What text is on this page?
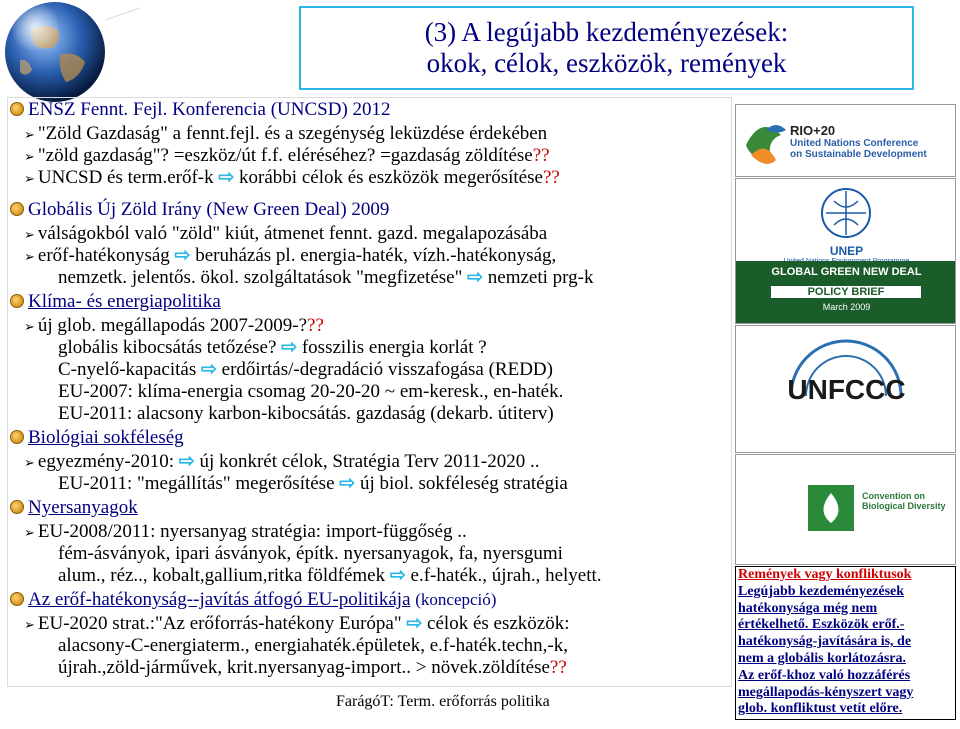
(3) A legújabb kezdeményezések:
okok, célok, eszközök, remények
ENSZ Fennt. Fejl. Konferencia (UNCSD) 2012
➢ "Zöld Gazdaság" a fennt.fejl. és a szegénység leküzdése érdekében
➢ "zöld gazdaság"? =eszköz/út f.f. eléréséhez? =gazdaság zöldítése??
➢ UNCSD és term.erőf-k ⇨ korábbi célok és eszközök megerősítése??
Globális Új Zöld Irány (New Green Deal) 2009
➢ válságokból való "zöld" kiút, átmenet fennt. gazd. megalapozásába
➢ erőf-hatékonyság ⇨ beruházás pl. energia-haték, vízh.-hatékonyság,
nemzetk. jelentős. ökol. szolgáltatások "megfizetése" ⇨ nemzeti prg-k
Klíma- és energiapolitika
➢ új glob. megállapodás 2007-2009-???
globális kibocsátás tetőzése? ⇨ fosszilis energia korlát ?
C-nyelő-kapacitás ⇨ erdőirtás/-degradáció visszafogása (REDD)
EU-2007: klíma-energia csomag 20-20-20 ~ em-keresk., en-haték.
EU-2011: alacsony karbon-kibocsátás. gazdaság (dekarb. útiterv)
Biológiai sokféleség
➢ egyezmény-2010: ⇨ új konkrét célok, Stratégia Terv 2011-2020 ..
EU-2011: "megállítás" megerősítése ⇨ új biol. sokféleség stratégia
Nyersanyagok
➢ EU-2008/2011: nyersanyag stratégia: import-függőség ..
fém-ásványok, ipari ásványok, építk. nyersanyagok, fa, nyersgumi
alum., réz.., kobalt,gallium,ritka földfémek ⇨ e.f-haték., újrah., helyett.
Az erőf-hatékonyság--javítás átfogó EU-politikája (koncepció)
➢ EU-2020 strat.:"Az erőforrás-hatékony Európa" ⇨ célok és eszközök:
alacsony-C-energiaterm., energiahaték.épületek, e.f-haték.techn,-k,
újrah.,zöld-járművek, krit.nyersanyag-import.. > növek.zöldítése??
RIO+20
United Nations Conference
on Sustainable Development
UNEP
GLOBAL GREEN NEW DEAL
POLICY BRIEF
March 2009
UNFCCC
Convention on
Biological Diversity
Remények vagy konfliktusok
Legújabb kezdeményezések
hatékonysága még nem
értékelhető. Eszközök erőf.-
hatékonyság-javítására is, de
nem a globális korlátozásra.
Az erőf-khoz való hozzáférés
megállapodás-kényszert vagy
glob. konfliktust vetít előre.
FarágóT: Term. erőforrás politika
